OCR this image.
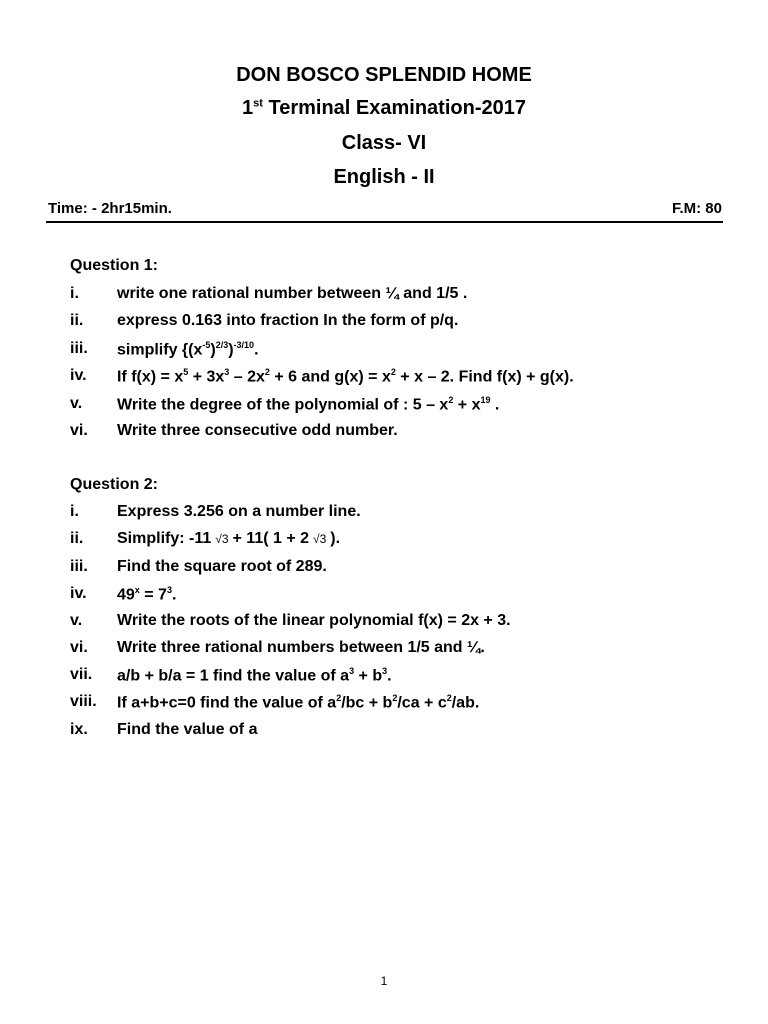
DON BOSCO SPLENDID HOME
1st Terminal Examination-2017
Class- VI
English - II
Time: - 2hr15min.	F.M: 80
Question 1:
i.	write one rational number between ¼ and 1/5 .
ii.	express 0.163 into fraction In the form of p/q.
iii.	simplify $\{(x^{-5})^{2/3})^{-3/10}$.
iv.	If $f(x) = x^5 + 3x^3 - 2x^2 + 6$ and $g(x) = x^2 + x - 2$. Find f(x) + g(x).
v.	Write the degree of the polynomial of : $5 - x^2 + x^{19}$ .
vi.	Write three consecutive odd number.
Question 2:
i.	Express 3.256 on a number line.
ii.	Simplify: -11 √3 + 11( 1 + 2 √3 ).
iii.	Find the square root of 289.
iv.	$49^x = 7^3$.
v.	Write the roots of the linear polynomial f(x) = 2x + 3.
vi.	Write three rational numbers between 1/5 and ¼.
vii.	a/b + b/a = 1 find the value of $a^3 + b^3$.
viii.	If a+b+c=0 find the value of $a^2/bc + b^2/ca + c^2/ab$.
ix.	Find the value of a
1
